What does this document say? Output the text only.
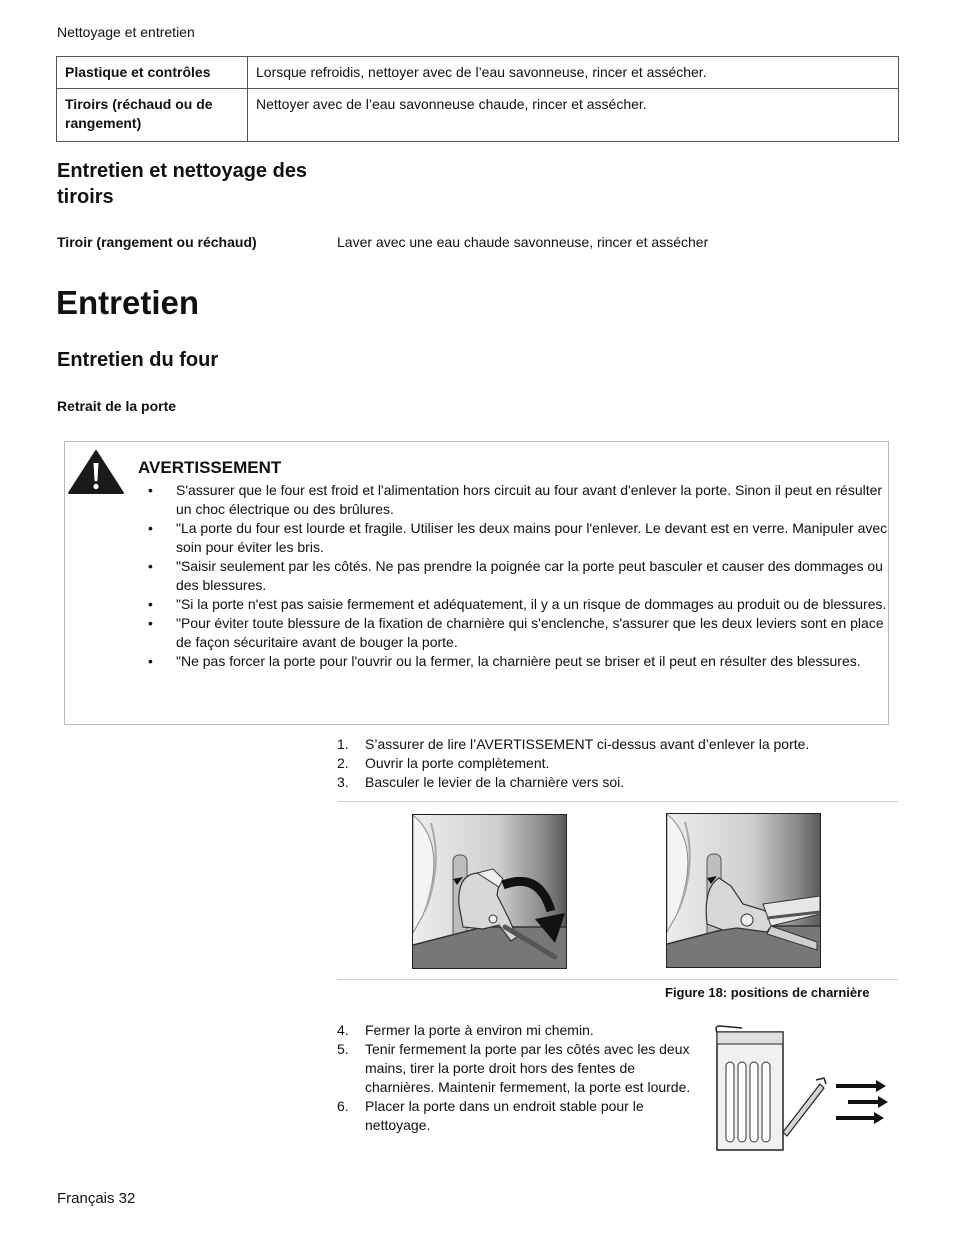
Nettoyage et entretien
Plastique et contrôles	Lorsque refroidis, nettoyer avec de l’eau savonneuse, rincer et assécher.
Tiroirs (réchaud ou de rangement)	Nettoyer avec de l’eau savonneuse chaude, rincer et assécher.
Entretien et nettoyage des tiroirs
Tiroir (rangement ou réchaud)	Laver avec une eau chaude savonneuse, rincer et assécher
Entretien
Entretien du four
Retrait de la porte
AVERTISSEMENT
• S'assurer que le four est froid et l'alimentation hors circuit au four avant d'enlever la porte. Sinon il peut en résulter un choc électrique ou des brûlures.
• "La porte du four est lourde et fragile. Utiliser les deux mains pour l'enlever. Le devant est en verre. Manipuler avec soin pour éviter les bris.
• "Saisir seulement par les côtés. Ne pas prendre la poignée car la porte peut basculer et causer des dommages ou des blessures.
• "Si la porte n'est pas saisie fermement et adéquatement, il y a un risque de dommages au produit ou de blessures.
• "Pour éviter toute blessure de la fixation de charnière qui s'enclenche, s'assurer que les deux leviers sont en place de façon sécuritaire avant de bouger la porte.
• "Ne pas forcer la porte pour l'ouvrir ou la fermer, la charnière peut se briser et il peut en résulter des blessures.
1. S’assurer de lire l’AVERTISSEMENT ci-dessus avant d’enlever la porte.
2. Ouvrir la porte complètement.
3. Basculer le levier de la charnière vers soi.
Figure 18: positions de charnière
4. Fermer la porte à environ mi chemin.
5. Tenir fermement la porte par les côtés avec les deux mains, tirer la porte droit hors des fentes de charnières. Maintenir fermement, la porte est lourde.
6. Placer la porte dans un endroit stable pour le nettoyage.
Français 32
